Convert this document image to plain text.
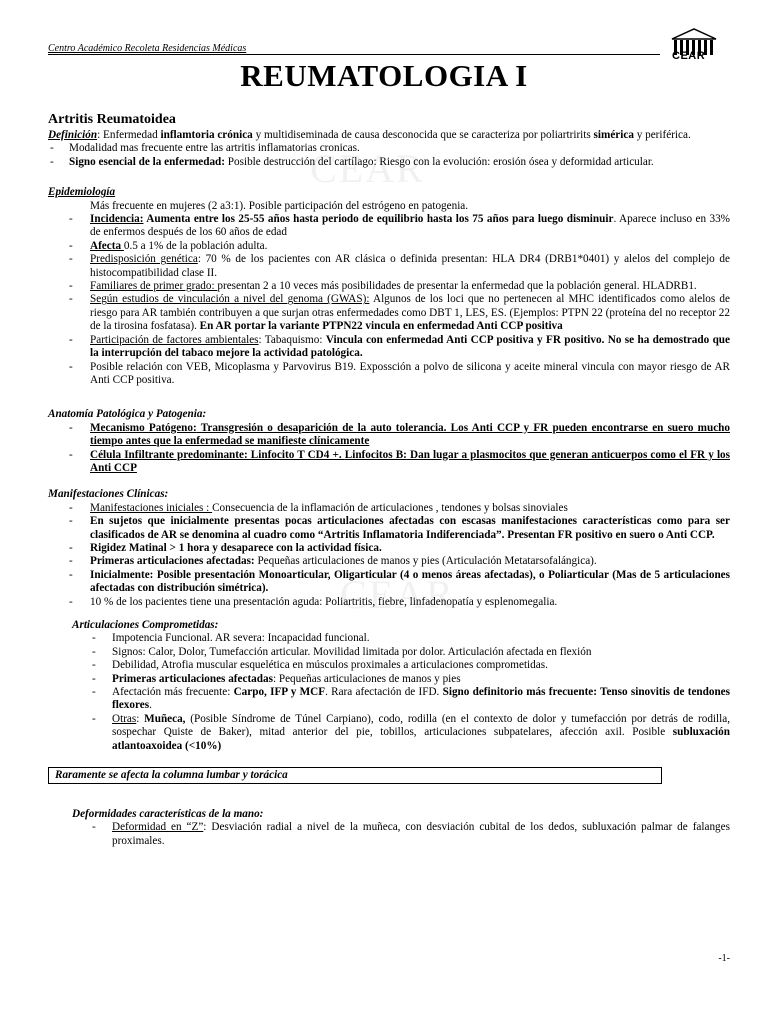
Centro Académico Recoleta Residencias Médicas
CEAR
REUMATOLOGIA I
CEAR
CEAR
Artritis Reumatoidea
Definición: Enfermedad inflamtoria crónica y multidiseminada de causa desconocida que se caracteriza por poliartririts simérica y periférica.
- Modalidad mas frecuente entre las artritis inflamatorias cronicas.
- Signo esencial de la enfermedad: Posible destrucción del cartílago: Riesgo con la evolución: erosión ósea y deformidad articular.
Epidemiología
Más frecuente en mujeres (2 a3:1). Posible participación del estrógeno en patogenia.
- Incidencia: Aumenta entre los 25-55 años hasta periodo de equilibrio hasta los 75 años para luego disminuir. Aparece incluso en 33% de enfermos después de los 60 años de edad
- Afecta 0.5 a 1% de la población adulta.
- Predisposición genética: 70 % de los pacientes con AR clásica o definida presentan: HLA DR4 (DRB1*0401) y alelos del complejo de histocompatibilidad clase II.
- Familiares de primer grado: presentan 2 a 10 veces más posibilidades de presentar la enfermedad que la población general. HLADRB1.
- Según estudios de vinculación a nivel del genoma (GWAS): Algunos de los loci que no pertenecen al MHC identificados como alelos de riesgo para AR también contribuyen a que surjan otras enfermedades como DBT 1, LES, ES. (Ejemplos: PTPN 22 (proteína del no receptor 22 de la tirosina fosfatasa). En AR portar la variante PTPN22 vincula en enfermedad Anti CCP positiva
- Participación de factores ambientales: Tabaquismo: Vincula con enfermedad Anti CCP positiva y FR positivo. No se ha demostrado que la interrupción del tabaco mejore la actividad patológica.
- Posible relación con VEB, Micoplasma y Parvovirus B19. Expossción a polvo de silicona y aceite mineral vincula con mayor riesgo de AR Anti CCP positiva.
Anatomía Patológica y Patogenia:
- Mecanismo Patógeno: Transgresión o desaparición de la auto tolerancia. Los Anti CCP y FR pueden encontrarse en suero mucho tiempo antes que la enfermedad se manifieste clínicamente
- Célula Infiltrante predominante: Linfocito T CD4 +. Linfocitos B: Dan lugar a plasmocitos que generan anticuerpos como el FR y los Anti CCP
Manifestaciones Clínicas:
- Manifestaciones iniciales : Consecuencia de la inflamación de articulaciones , tendones y bolsas sinoviales
- En sujetos que inicialmente presentas pocas articulaciones afectadas con escasas manifestaciones características como para ser clasificados de AR se denomina al cuadro como “Artritis Inflamatoria Indiferenciada”. Presentan FR positivo en suero o Anti CCP.
- Rigidez Matinal > 1 hora y desaparece con la actividad física.
- Primeras articulaciones afectadas: Pequeñas articulaciones de manos y pies (Articulación Metatarsofalángica).
- Inicialmente: Posible presentación Monoarticular, Oligarticular (4 o menos áreas afectadas), o Poliarticular (Mas de 5 articulaciones afectadas con distribución simétrica).
- 10 % de los pacientes tiene una presentación aguda: Poliartritis, fiebre, linfadenopatía y esplenomegalia.
Articulaciones Comprometidas:
- Impotencia Funcional. AR severa: Incapacidad funcional.
- Signos: Calor, Dolor, Tumefacción articular. Movilidad limitada por dolor. Articulación afectada en flexión
- Debilidad, Atrofia muscular esquelética en músculos proximales a articulaciones comprometidas.
- Primeras articulaciones afectadas: Pequeñas articulaciones de manos y pies
- Afectación más frecuente: Carpo, IFP y MCF. Rara afectación de IFD. Signo definitorio más frecuente: Tenso sinovitis de tendones flexores.
- Otras: Muñeca, (Posible Síndrome de Túnel Carpiano), codo, rodilla (en el contexto de dolor y tumefacción por detrás de rodilla, sospechar Quiste de Baker), mitad anterior del pie, tobillos, articulaciones subpatelares, afección axil. Posible subluxación atlantoaxoidea (<10%)
Raramente se afecta la columna lumbar y torácica
Deformidades características de la mano:
- Deformidad en “Z”: Desviación radial a nivel de la muñeca, con desviación cubital de los dedos, subluxación palmar de falanges proximales.
-1-
